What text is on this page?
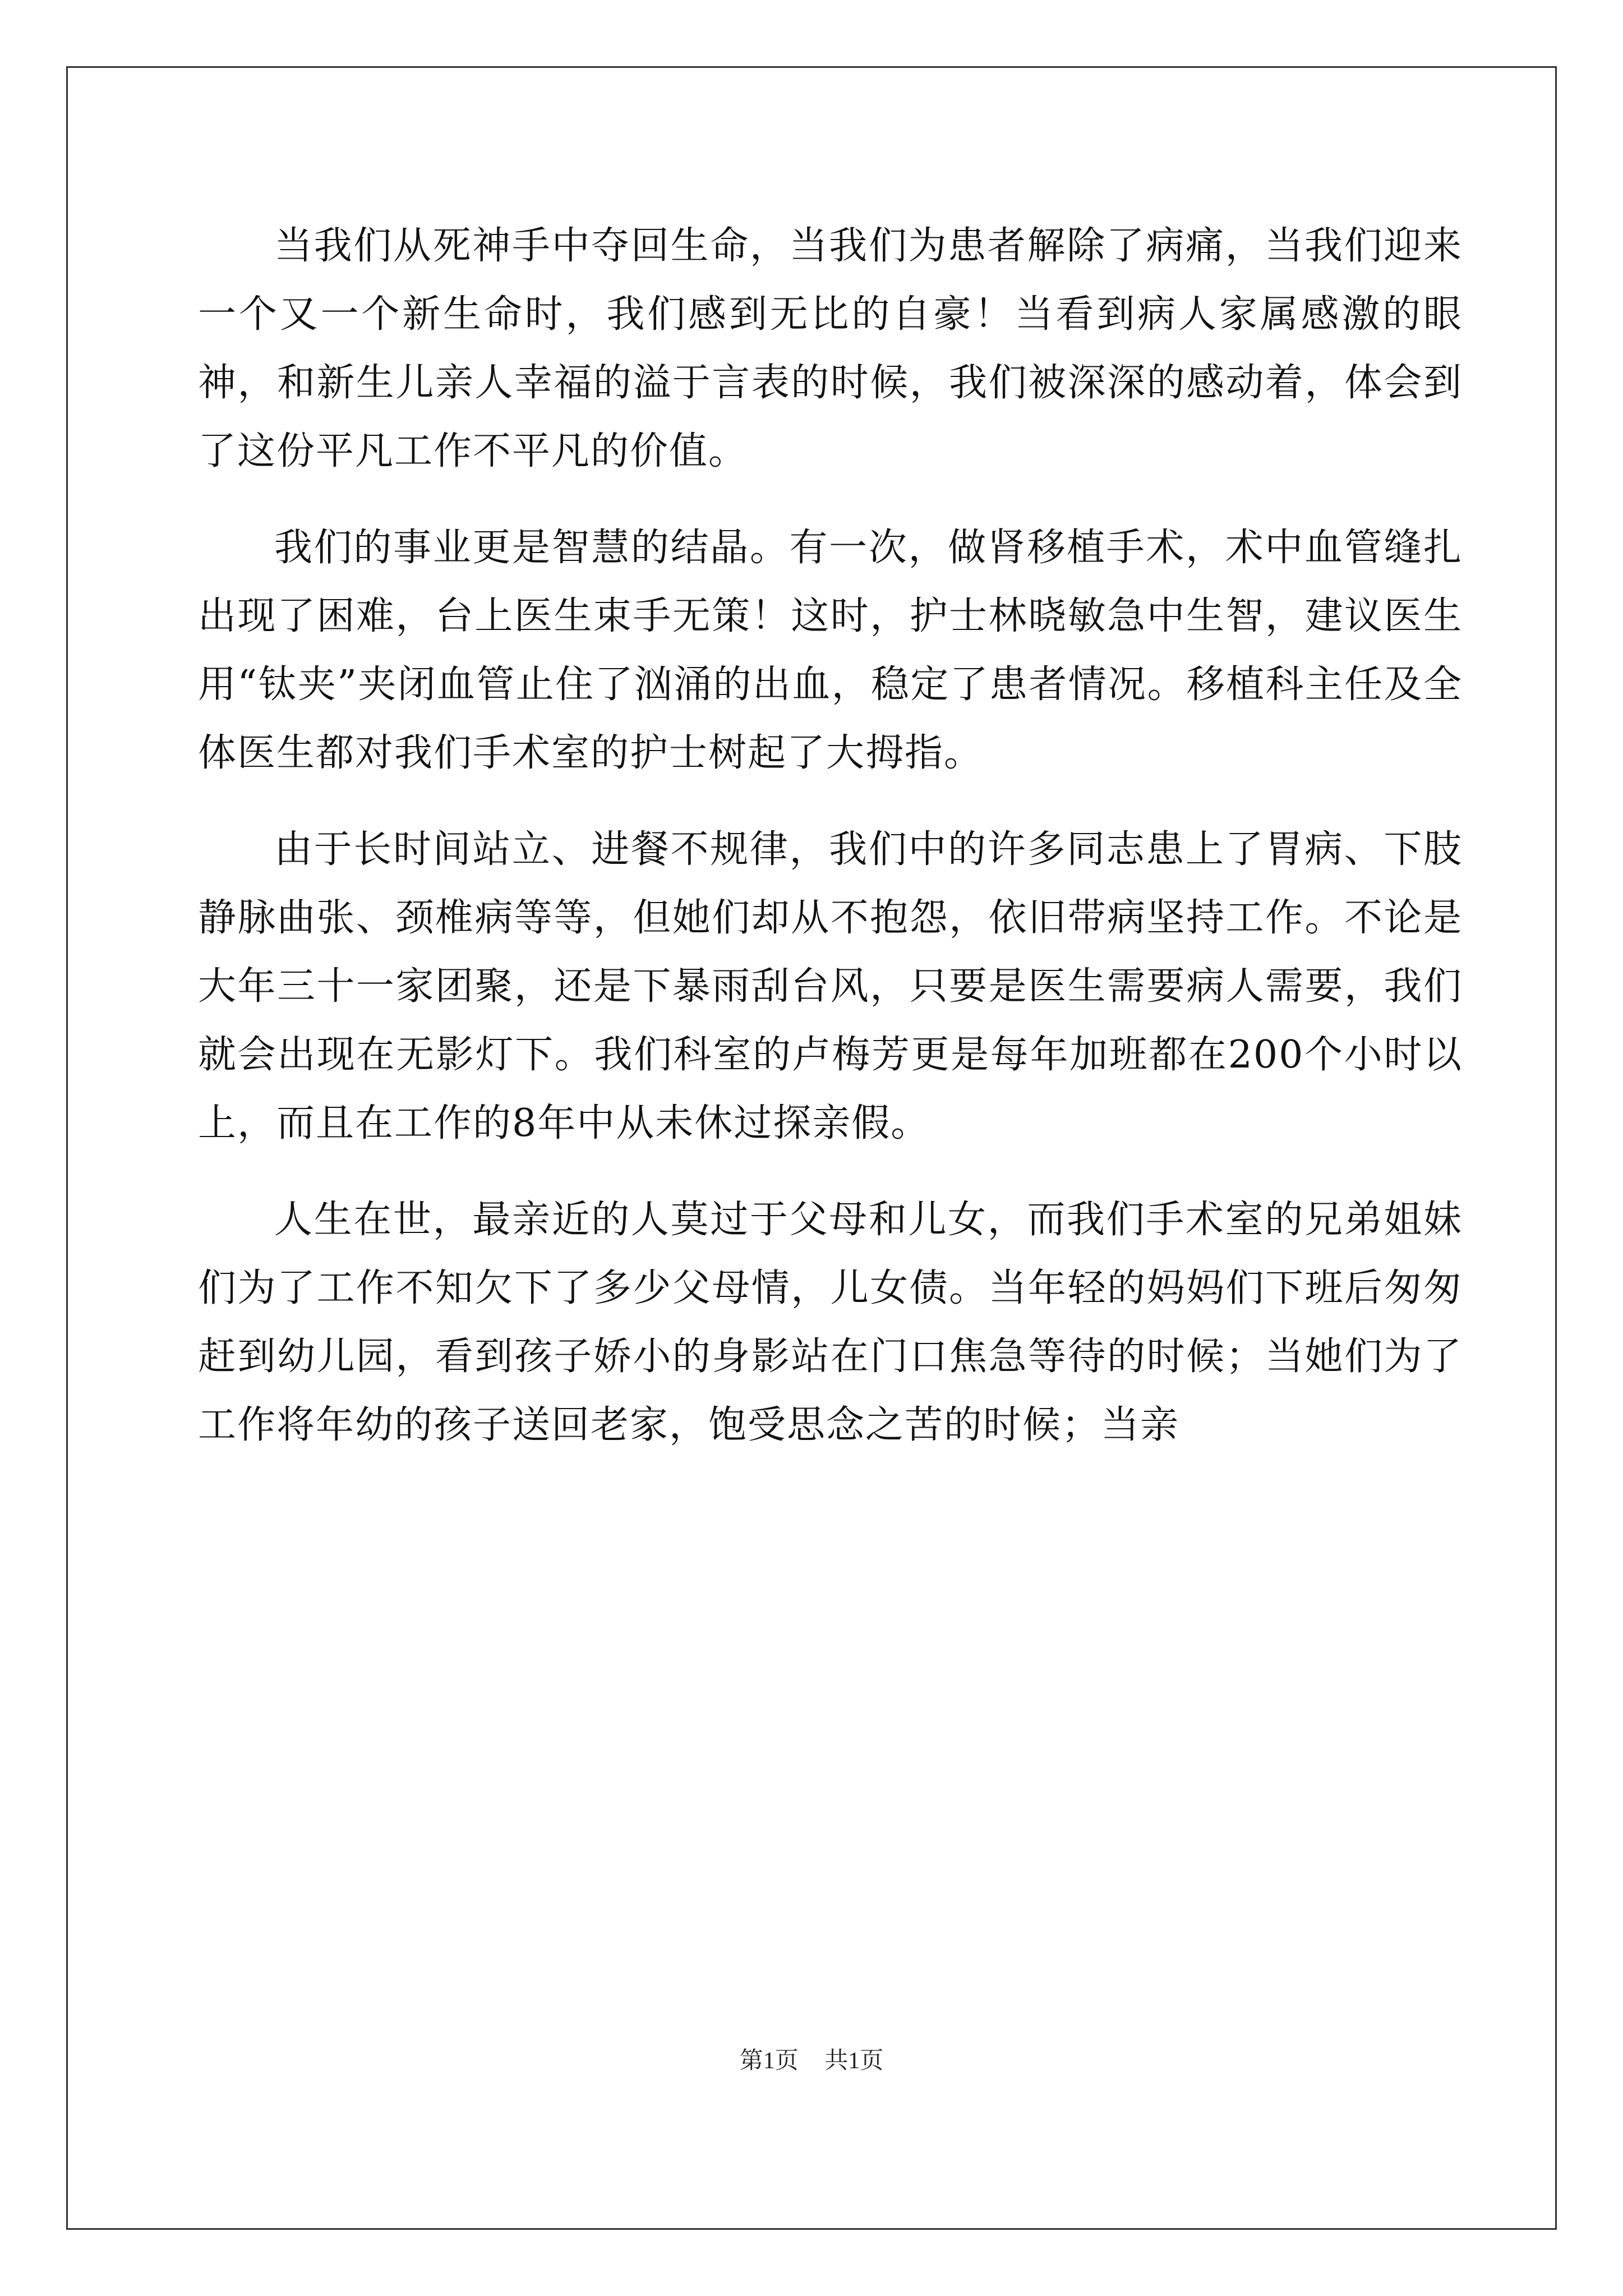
当我们从死神手中夺回生命，当我们为患者解除了病痛，当我们迎来一个又一个新生命时，我们感到无比的自豪！当看到病人家属感激的眼神，和新生儿亲人幸福的溢于言表的时候，我们被深深的感动着，体会到了这份平凡工作不平凡的价值。

我们的事业更是智慧的结晶。有一次，做肾移植手术，术中血管缝扎出现了困难，台上医生束手无策！这时，护士林晓敏急中生智，建议医生用“钛夹”夹闭血管止住了汹涌的出血，稳定了患者情况。移植科主任及全体医生都对我们手术室的护士树起了大拇指。

由于长时间站立、进餐不规律，我们中的许多同志患上了胃病、下肢静脉曲张、颈椎病等等，但她们却从不抱怨，依旧带病坚持工作。不论是大年三十一家团聚，还是下暴雨刮台风，只要是医生需要病人需要，我们就会出现在无影灯下。我们科室的卢梅芳更是每年加班都在200个小时以上，而且在工作的8年中从未休过探亲假。

人生在世，最亲近的人莫过于父母和儿女，而我们手术室的兄弟姐妹们为了工作不知欠下了多少父母情，儿女债。当年轻的妈妈们下班后匆匆赶到幼儿园，看到孩子娇小的身影站在门口焦急等待的时候；当她们为了工作将年幼的孩子送回老家，饱受思念之苦的时候；当亲

第1页 共1页
